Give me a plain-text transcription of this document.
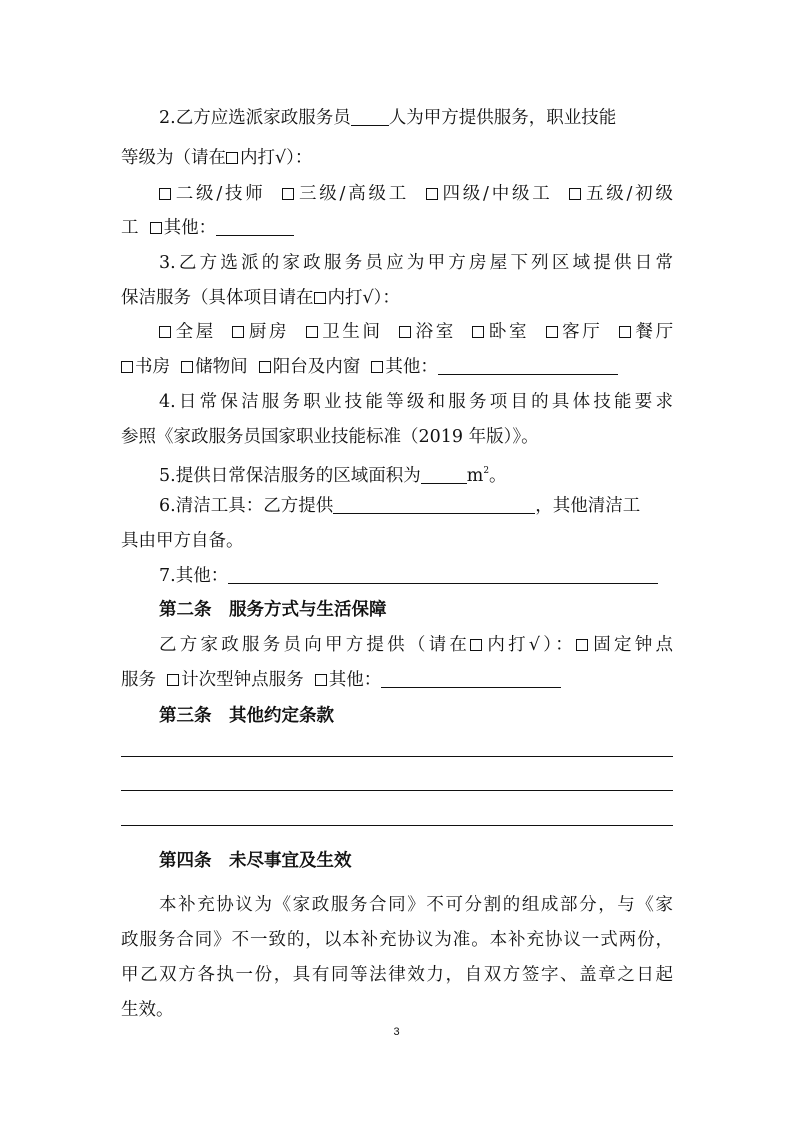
2.乙方应选派家政服务员 人为甲方提供服务，职业技能
等级为（请在 内打√）：
二级/技师 三级/高级工 四级/中级工 五级/初级
工 其他：
3.乙方选派的家政服务员应为甲方房屋下列区域提供日常
保洁服务（具体项目请在 内打√）：
全屋 厨房 卫生间 浴室 卧室 客厅 餐厅
书房 储物间 阳台及内窗 其他：
4.日常保洁服务职业技能等级和服务项目的具体技能要求
参照《家政服务员国家职业技能标准（2019 年版）》。
5.提供日常保洁服务的区域面积为	$m^2$。
6.清洁工具：乙方提供	，其他清洁工
具由甲方自备。
7.其他：
第二条　服务方式与生活保障
乙方家政服务员向甲方提供（请在 内打√）： 固定钟点
服务 计次型钟点服务 其他：
第三条　其他约定条款
第四条　未尽事宜及生效
本补充协议为《家政服务合同》不可分割的组成部分，与《家
政服务合同》不一致的，以本补充协议为准。本补充协议一式两份，
甲乙双方各执一份，具有同等法律效力，自双方签字、盖章之日起
生效。
3
